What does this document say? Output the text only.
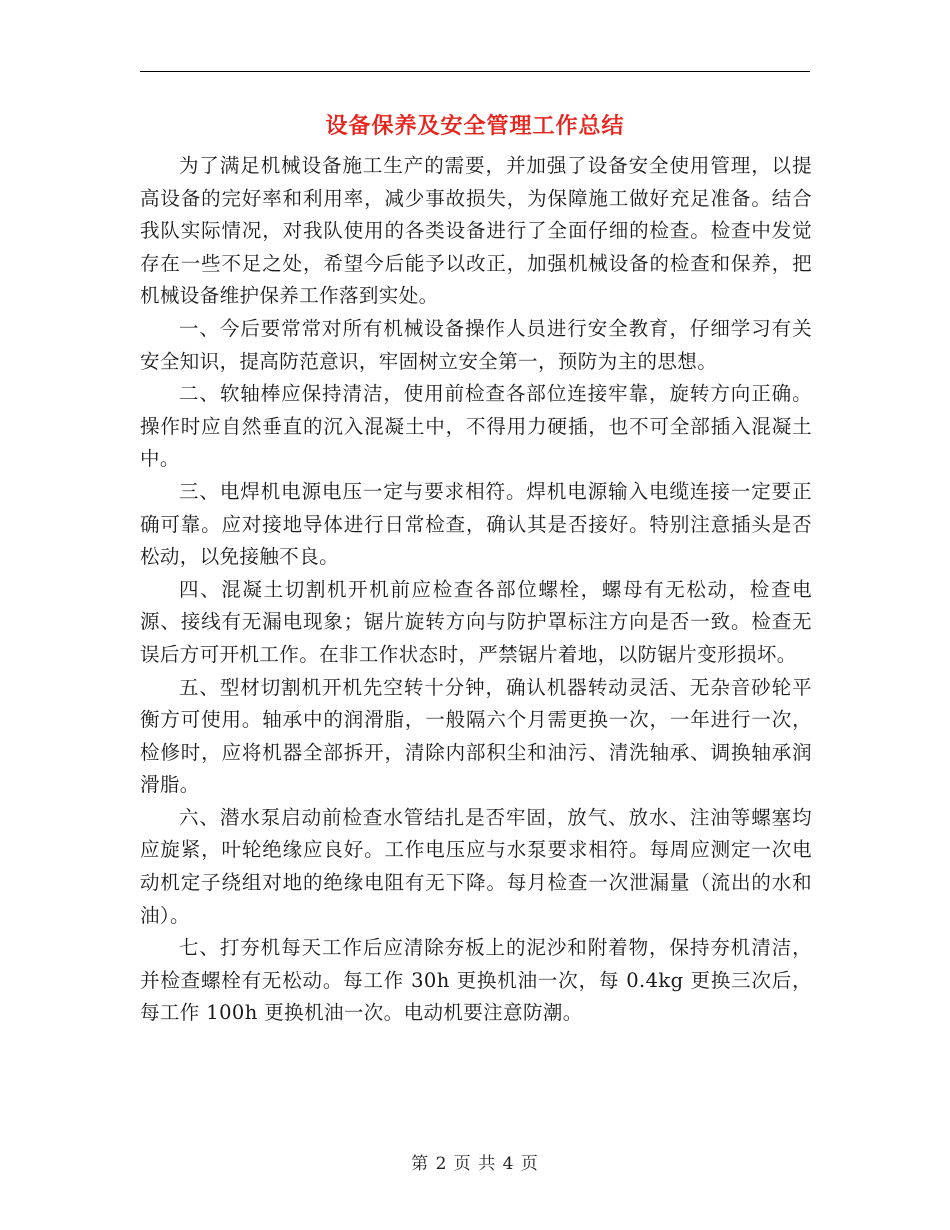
设备保养及安全管理工作总结

为了满足机械设备施工生产的需要，并加强了设备安全使用管理，以提高设备的完好率和利用率，减少事故损失，为保障施工做好充足准备。结合我队实际情况，对我队使用的各类设备进行了全面仔细的检查。检查中发觉存在一些不足之处，希望今后能予以改正，加强机械设备的检查和保养，把机械设备维护保养工作落到实处。

一、今后要常常对所有机械设备操作人员进行安全教育，仔细学习有关安全知识，提高防范意识，牢固树立安全第一，预防为主的思想。

二、软轴棒应保持清洁，使用前检查各部位连接牢靠，旋转方向正确。操作时应自然垂直的沉入混凝土中，不得用力硬插，也不可全部插入混凝土中。

三、电焊机电源电压一定与要求相符。焊机电源输入电缆连接一定要正确可靠。应对接地导体进行日常检查，确认其是否接好。特别注意插头是否松动，以免接触不良。

四、混凝土切割机开机前应检查各部位螺栓，螺母有无松动，检查电源、接线有无漏电现象；锯片旋转方向与防护罩标注方向是否一致。检查无误后方可开机工作。在非工作状态时，严禁锯片着地，以防锯片变形损坏。

五、型材切割机开机先空转十分钟，确认机器转动灵活、无杂音砂轮平衡方可使用。轴承中的润滑脂，一般隔六个月需更换一次，一年进行一次，检修时，应将机器全部拆开，清除内部积尘和油污、清洗轴承、调换轴承润滑脂。

六、潜水泵启动前检查水管结扎是否牢固，放气、放水、注油等螺塞均应旋紧，叶轮绝缘应良好。工作电压应与水泵要求相符。每周应测定一次电动机定子绕组对地的绝缘电阻有无下降。每月检查一次泄漏量（流出的水和油）。

七、打夯机每天工作后应清除夯板上的泥沙和附着物，保持夯机清洁，并检查螺栓有无松动。每工作 30h 更换机油一次，每 0.4kg 更换三次后，每工作 100h 更换机油一次。电动机要注意防潮。

第 2 页 共 4 页
